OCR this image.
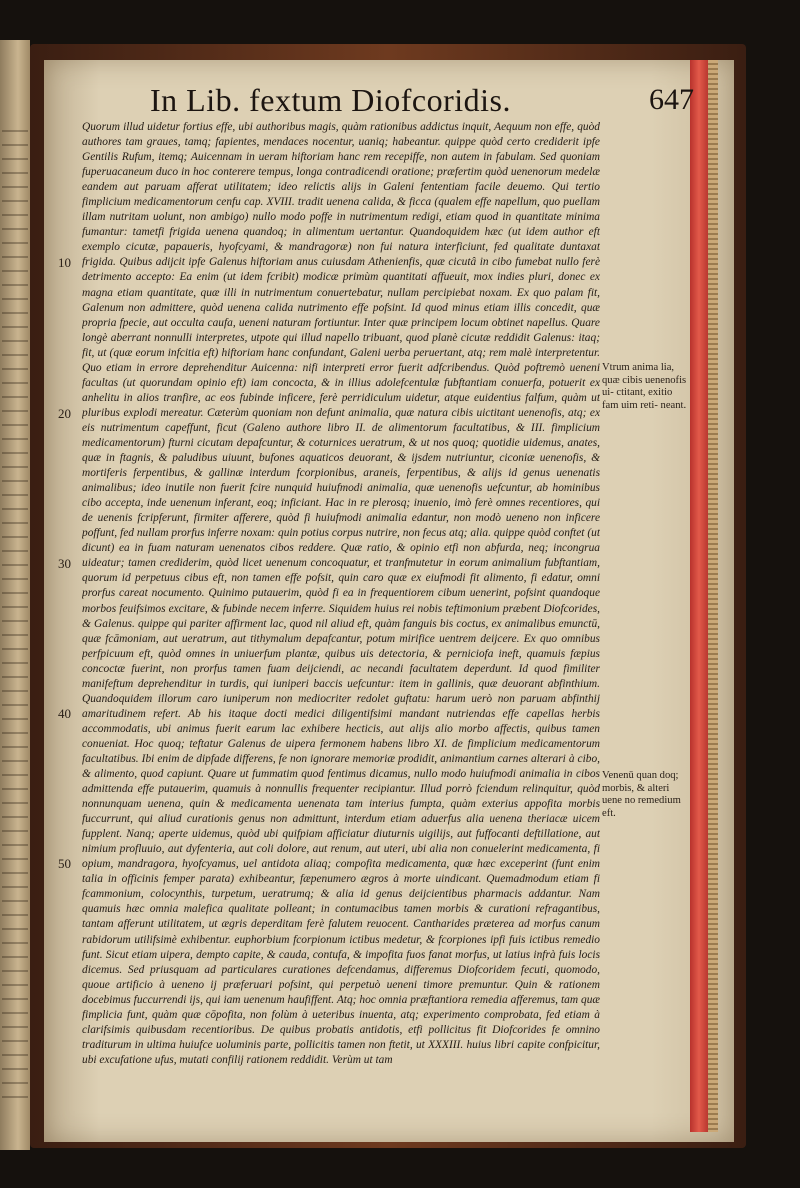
In Lib. fextum Diofcoridis.	647

Quorum illud uidetur fortius effe, ubi authoribus magis, quàm rationibus addictus inquit, Aequum non effe, quòd authores tam graues, tamq; fapientes, mendaces nocentur, uaniq; habeantur. quippe quòd certo crediderit ipfe Gentilis Rufum, itemq; Auicennam in ueram hiftoriam hanc rem recepiffe, non autem in fabulam. Sed quoniam fuperuacaneum duco in hoc conterere tempus, longa contradicendi oratione; præfertim quòd uenenorum medelæ eandem aut paruam afferat utilitatem; ideo relictis alijs in Galeni fententiam facile deuemo. Qui tertio fimplicium medicamentorum cenfu cap. XVIII. tradit uenena calida, & ficca (qualem effe napellum, quo puellam illam nutritam uolunt, non ambigo) nullo modo poffe in nutrimentum redigi, etiam quod in quantitate minima fumantur: tametfi frigida uenena quandoq; in alimentum uertantur. Quandoquidem hæc (ut idem author eft exemplo cicutæ, papaueris, hyofcyami, & mandragoræ) non fui natura interficiunt, fed qualitate duntaxat frigida. Quibus adijcit ipfe Galenus hiftoriam anus cuiusdam Athenienfis, quæ cicutâ in cibo fumebat nullo ferè detrimento accepto: Ea enim (ut idem fcribit) modicæ primùm quantitati affueuit, mox indies pluri, donec ex magna etiam quantitate, quæ illi in nutrimentum conuertebatur, nullam percipiebat noxam. Ex quo palam fit, Galenum non admittere, quòd uenena calida nutrimento effe pofsint. Id quod minus etiam illis concedit, quæ propria fpecie, aut occulta caufa, ueneni naturam fortiuntur. Inter quæ principem locum obtinet napellus. Quare longè aberrant nonnulli interpretes, utpote qui illud napello tribuant, quod planè cicutæ reddidit Galenus: itaq; fit, ut (quæ eorum infcitia eft) hiftoriam hanc confundant, Galeni uerba peruertant, atq; rem malè interpretentur. Quo etiam in errore deprehenditur Auicenna: nifi interpreti error fuerit adfcribendus. Quòd poftremò ueneni facultas (ut quorundam opinio eft) iam concocta, & in illius adolefcentulæ fubftantiam conuerfa, potuerit ex anhelitu in alios tranfire, ac eos fubinde inficere, ferè perridiculum uidetur, atque euidentius falfum, quàm ut pluribus explodi mereatur. Cæterùm quoniam non defunt animalia, quæ natura cibis uictitant uenenofis, atq; ex eis nutrimentum capeffunt, ficut (Galeno authore libro II. de alimentorum facultatibus, & III. fimplicium medicamentorum) fturni cicutam depafcuntur, & coturnices ueratrum, & ut nos quoq; quotidie uidemus, anates, quæ in ftagnis, & paludibus uiuunt, bufones aquaticos deuorant, & ijsdem nutriuntur, ciconiæ uenenofis, & mortiferis ferpentibus, & gallinæ interdum fcorpionibus, araneis, ferpentibus, & alijs id genus uenenatis animalibus; ideo inutile non fuerit fcire nunquid huiufmodi animalia, quæ uenenofis uefcuntur, ab hominibus cibo accepta, inde uenenum inferant, eoq; inficiant. Hac in re plerosq; inuenio, imò ferè omnes recentiores, qui de uenenis fcripferunt, firmiter afferere, quòd fi huiufmodi animalia edantur, non modò ueneno non inficere poffunt, fed nullam prorfus inferre noxam: quin potius corpus nutrire, non fecus atq; alia. quippe quòd conftet (ut dicunt) ea in fuam naturam uenenatos cibos reddere. Quæ ratio, & opinio etfi non abfurda, neq; incongrua uideatur; tamen crediderim, quòd licet uenenum concoquatur, et tranfmutetur in eorum animalium fubftantiam, quorum id perpetuus cibus eft, non tamen effe pofsit, quin caro quæ ex eiufmodi fit alimento, fi edatur, omni prorfus careat nocumento. Quinimo putauerim, quòd fi ea in frequentiorem cibum uenerint, pofsint quandoque morbos feuifsimos excitare, & fubinde necem inferre. Siquidem huius rei nobis teftimonium præbent Diofcorides, & Galenus. quippe qui pariter affirment lac, quod nil aliud eft, quàm fanguis bis coctus, ex animalibus emunctū, quæ fcāmoniam, aut ueratrum, aut tithymalum depafcantur, potum mirifice uentrem deijcere. Ex quo omnibus perfpicuum eft, quòd omnes in uniuerfum plantæ, quibus uis detectoria, & perniciofa ineft, quamuis fæpius concoctæ fuerint, non prorfus tamen fuam deijciendi, ac necandi facultatem deperdunt. Id quod fimiliter manifeftum deprehenditur in turdis, qui iuniperi baccis uefcuntur: item in gallinis, quæ deuorant abfinthium. Quandoquidem illorum caro iuniperum non mediocriter redolet guftatu: harum uerò non paruam abfinthij amaritudinem refert. Ab his itaque docti medici diligentifsimi mandant nutriendas effe capellas herbis accommodatis, ubi animus fuerit earum lac exhibere hecticis, aut alijs alio morbo affectis, quibus tamen conueniat. Hoc quoq; teftatur Galenus de uipera fermonem habens libro XI. de fimplicium medicamentorum facultatibus. Ibi enim de dipfade differens, fe non ignorare memoriæ prodidit, animantium carnes alterari à cibo, & alimento, quod capiunt. Quare ut fummatim quod fentimus dicamus, nullo modo huiufmodi animalia in cibos admittenda effe putauerim, quamuis à nonnullis frequenter recipiantur. Illud porrò fciendum relinquitur, quòd nonnunquam uenena, quin & medicamenta uenenata tam interius fumpta, quàm exterius appofita morbis fuccurrunt, qui aliud curationis genus non admittunt, interdum etiam aduerfus alia uenena theriacæ uicem fupplent. Nanq; aperte uidemus, quòd ubi quifpiam afficiatur diuturnis uigilijs, aut fuffocanti deftillatione, aut nimium profluuio, aut dyfenteria, aut coli dolore, aut renum, aut uteri, ubi alia non conuelerint medicamenta, fi opium, mandragora, hyofcyamus, uel antidota aliaq; compofita medicamenta, quæ hæc exceperint (funt enim talia in officinis femper parata) exhibeantur, fæpenumero ægros à morte uindicant. Quemadmodum etiam fi fcammonium, colocynthis, turpetum, ueratrumq; & alia id genus deijcientibus pharmacis addantur. Nam quamuis hæc omnia malefica qualitate polleant; in contumacibus tamen morbis & curationi refragantibus, tantam afferunt utilitatem, ut ægris deperditam ferè falutem reuocent. Cantharides præterea ad morfus canum rabidorum utilifsimè exhibentur. euphorbium fcorpionum ictibus medetur, & fcorpiones ipfi fuis ictibus remedio funt. Sicut etiam uipera, dempto capite, & cauda, contufa, & impofita fuos fanat morfus, ut latius infrà fuis locis dicemus. Sed priusquam ad particulares curationes defcendamus, differemus Diofcoridem fecuti, quomodo, quoue artificio à ueneno ij præferuari pofsint, qui perpetuò ueneni timore premuntur. Quin & rationem docebimus fuccurrendi ijs, qui iam uenenum haufiffent. Atq; hoc omnia præftantiora remedia afferemus, tam quæ fimplicia funt, quàm quæ cōpofita, non folùm à ueteribus inuenta, atq; experimento comprobata, fed etiam à clarifsimis quibusdam recentioribus. De quibus probatis antidotis, etfi pollicitus fit Diofcorides fe omnino traditurum in ultima huiufce uoluminis parte, pollicitis tamen non ftetit, ut XXXIII. huius libri capite confpicitur, ubi excufatione ufus, mutati confilij rationem reddidit. Verùm ut tam

10
20
30
40
50

Vtrum anima lia, quæ cibis uenenofis ui- ctitant, exitio fam uim reti- neant.

Venenū quan doq; morbis, & alteri uene no remedium eft.
